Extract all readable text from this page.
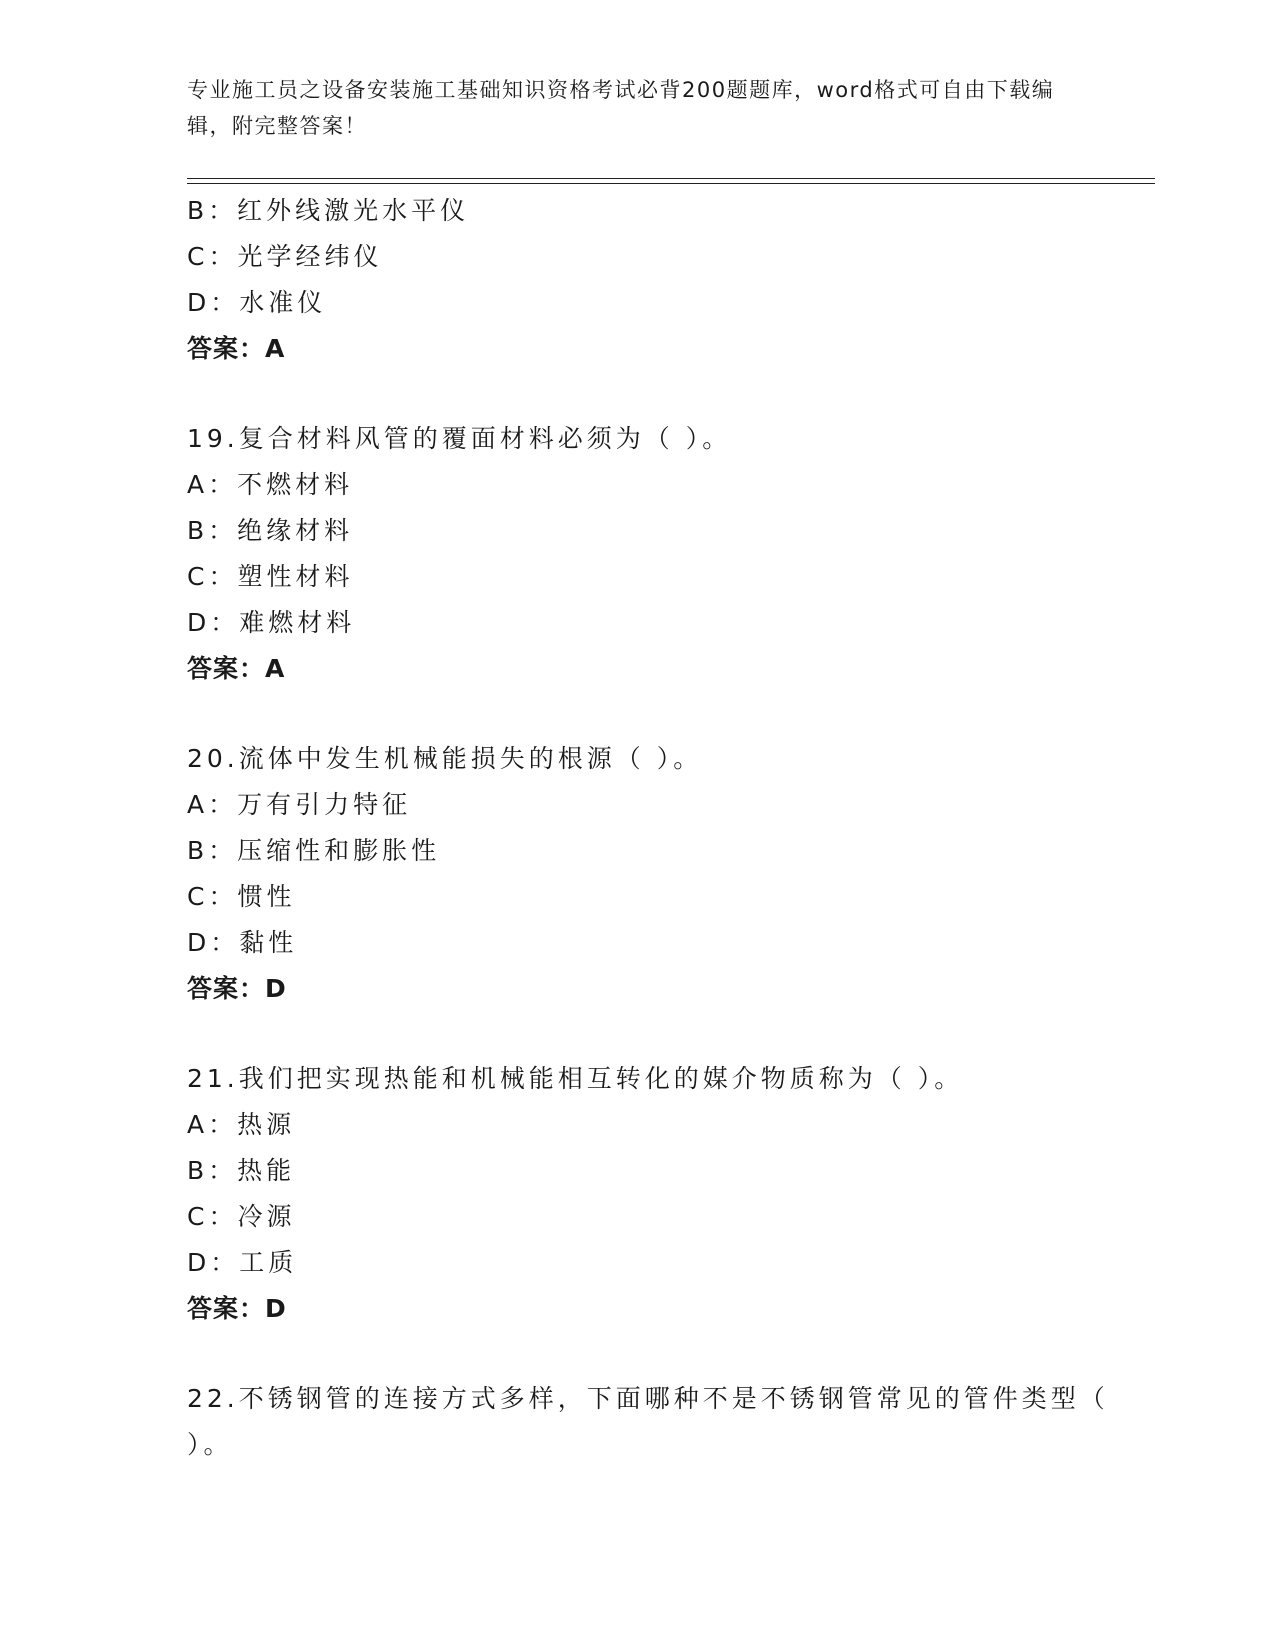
专业施工员之设备安装施工基础知识资格考试必背200题题库，word格式可自由下载编辑，附完整答案！
B：红外线激光水平仪
C：光学经纬仪
D：水准仪
答案：A
19.复合材料风管的覆面材料必须为（ ）。
A：不燃材料
B：绝缘材料
C：塑性材料
D：难燃材料
答案：A
20.流体中发生机械能损失的根源（ ）。
A：万有引力特征
B：压缩性和膨胀性
C：惯性
D：黏性
答案：D
21.我们把实现热能和机械能相互转化的媒介物质称为（ ）。
A：热源
B：热能
C：冷源
D：工质
答案：D
22.不锈钢管的连接方式多样，下面哪种不是不锈钢管常见的管件类型（ ）。
